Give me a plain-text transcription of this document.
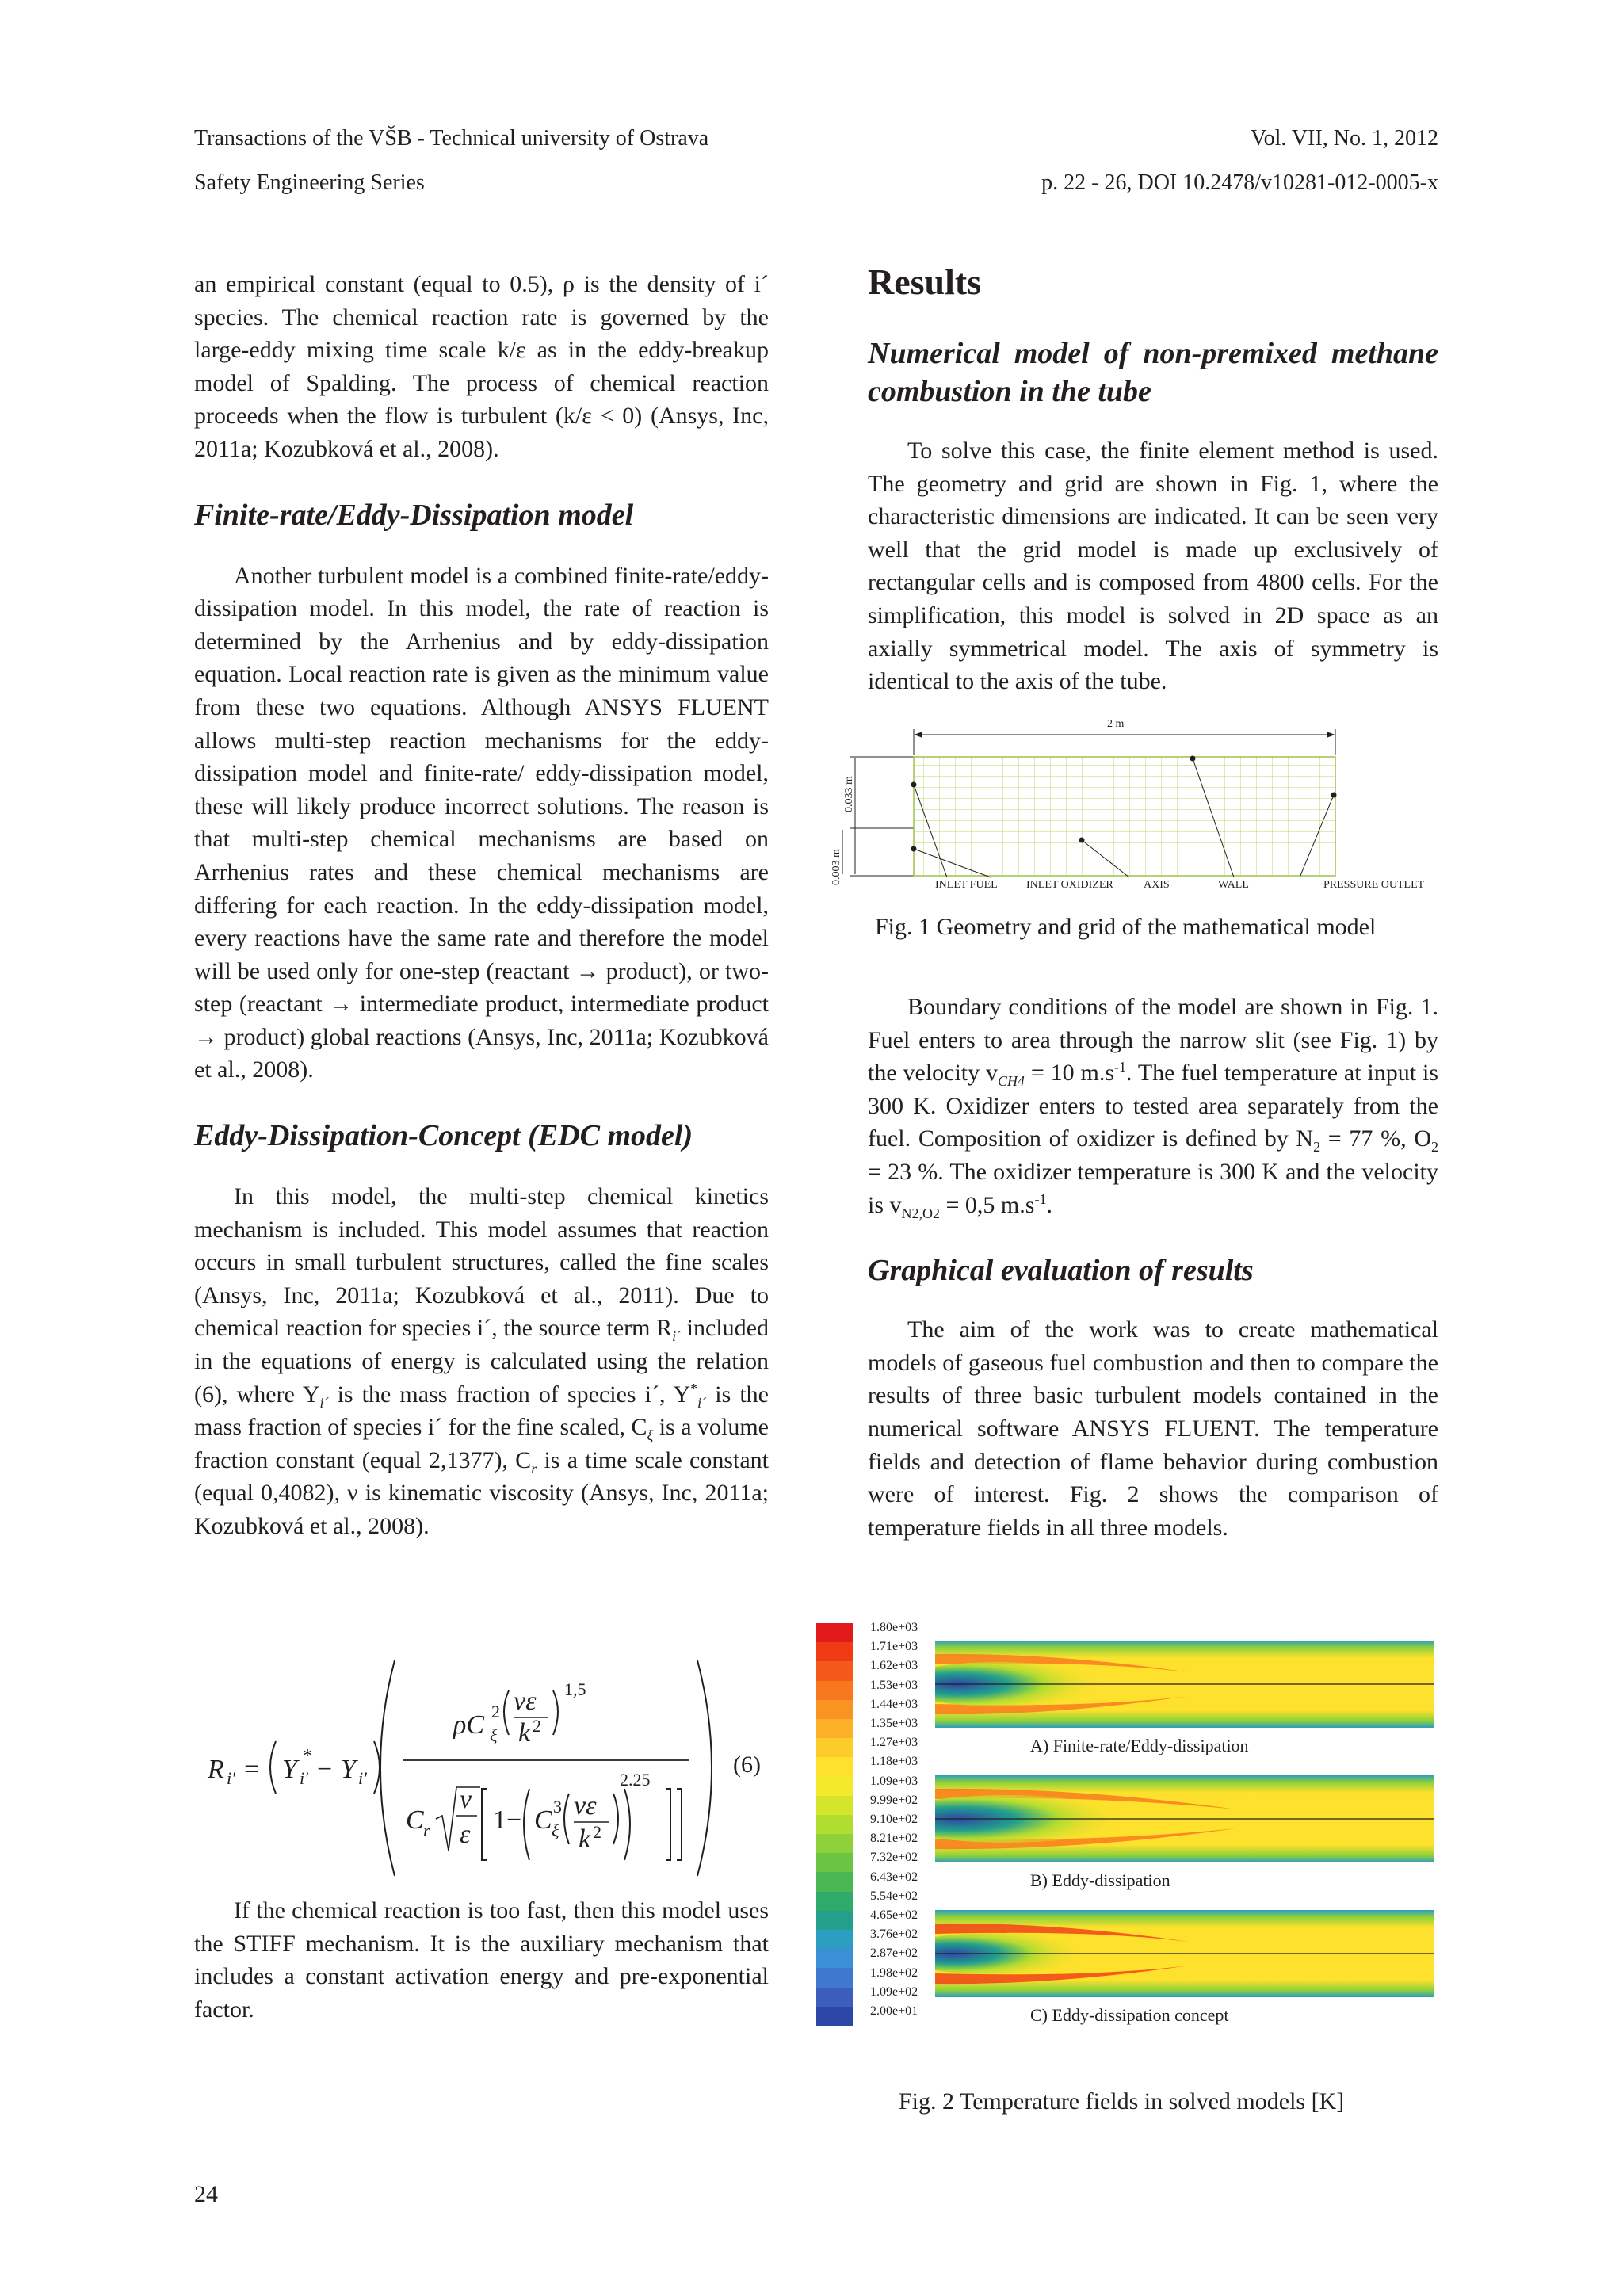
Transactions of the VŠB - Technical university of Ostrava	Vol. VII, No. 1, 2012
Safety Engineering Series	p. 22 - 26, DOI 10.2478/v10281-012-0005-x

an empirical constant (equal to 0.5), ρ is the density of i´ species. The chemical reaction rate is governed by the large-eddy mixing time scale k/ε as in the eddy-breakup model of Spalding. The process of chemical reaction proceeds when the flow is turbulent (k/ε < 0) (Ansys, Inc, 2011a; Kozubková et al., 2008).

Finite-rate/Eddy-Dissipation model

Another turbulent model is a combined finite-rate/eddy-dissipation model. In this model, the rate of reaction is determined by the Arrhenius and by eddy-dissipation equation. Local reaction rate is given as the minimum value from these two equations. Although ANSYS FLUENT allows multi-step reaction mechanisms for the eddy-dissipation model and finite-rate/ eddy-dissipation model, these will likely produce incorrect solutions. The reason is that multi-step chemical mechanisms are based on Arrhenius rates and these chemical mechanisms are differing for each reaction. In the eddy-dissipation model, every reactions have the same rate and therefore the model will be used only for one-step (reactant → product), or two-step (reactant → intermediate product, intermediate product → product) global reactions (Ansys, Inc, 2011a; Kozubková et al., 2008).

Eddy-Dissipation-Concept (EDC model)

In this model, the multi-step chemical kinetics mechanism is included. This model assumes that reaction occurs in small turbulent structures, called the fine scales (Ansys, Inc, 2011a; Kozubková et al., 2011). Due to chemical reaction for species i´, the source term $R_{i´}$ included in the equations of energy is calculated using the relation (6), where $Y_{i´}$ is the mass fraction of species i´, $Y^*_{i´}$ is the mass fraction of species i´ for the fine scaled, $C_\xi$ is a volume fraction constant (equal 2,1377), $C_r$ is a time scale constant (equal 0,4082), ν is kinematic viscosity (Ansys, Inc, 2011a; Kozubková et al., 2008).

R i' = Y i'
* − Y i'
ρC ξ
2 νε
k 2
1,5
C r
ν
ε 1− C ξ
3 νε
k 2
2.25
(6)

If the chemical reaction is too fast, then this model uses the STIFF mechanism. It is the auxiliary mechanism that includes a constant activation energy and pre-exponential factor.

24
Results
Numerical model of non-premixed methane combustion in the tube

To solve this case, the finite element method is used. The geometry and grid are shown in Fig. 1, where the characteristic dimensions are indicated. It can be seen very well that the grid model is made up exclusively of rectangular cells and is composed from 4800 cells. For the simplification, this model is solved in 2D space as an axially symmetrical model. The axis of symmetry is identical to the axis of the tube.

2 m
0.033 m
0.003 m	INLET FUEL	INLET OXIDIZER	AXIS	WALL	PRESSURE OUTLET
Fig. 1 Geometry and grid of the mathematical model

Boundary conditions of the model are shown in Fig. 1. Fuel enters to area through the narrow slit (see Fig. 1) by the velocity $v_{CH4} = 10$ $m.s^{-1}$. The fuel temperature at input is 300 K. Oxidizer enters to tested area separately from the fuel. Composition of oxidizer is defined by $N_2 = 77$ %, $O_2 = 23$ %. The oxidizer temperature is 300 K and the velocity is $v_{N2,O2} = 0,5$ $m.s^{-1}$.

Graphical evaluation of results

The aim of the work was to create mathematical models of gaseous fuel combustion and then to compare the results of three basic turbulent models contained in the numerical software ANSYS FLUENT. The temperature fields and detection of flame behavior during combustion were of interest. Fig. 2 shows the comparison of temperature fields in all three models.

1.80e+03
1.71e+03
1.62e+03
1.53e+03
1.44e+03
1.35e+03
1.27e+03
1.18e+03
1.09e+03
9.99e+02
9.10e+02
8.21e+02
7.32e+02
6.43e+02
5.54e+02
4.65e+02
3.76e+02
2.87e+02
1.98e+02
1.09e+02
2.00e+01
A) Finite-rate/Eddy-dissipation
B) Eddy-dissipation
C) Eddy-dissipation concept
Fig. 2 Temperature fields in solved models [K]
